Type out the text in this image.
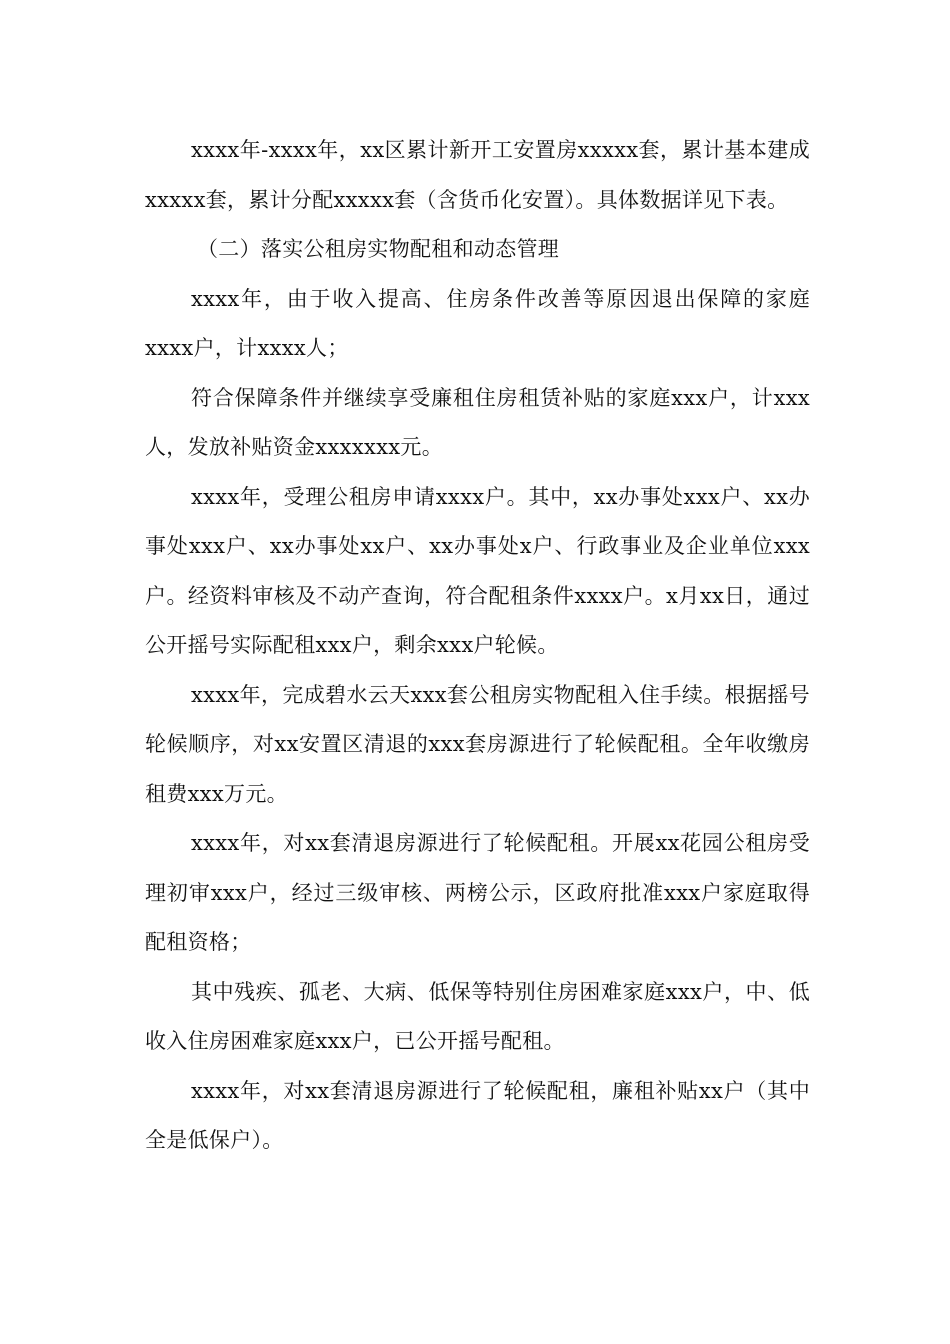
xxxx年-xxxx年，xx区累计新开工安置房xxxxx套，累计基本建成xxxxx套，累计分配xxxxx套（含货币化安置）。具体数据详见下表。

（二）落实公租房实物配租和动态管理

xxxx年，由于收入提高、住房条件改善等原因退出保障的家庭xxxx户，计xxxx人；

符合保障条件并继续享受廉租住房租赁补贴的家庭xxx户，计xxx人，发放补贴资金xxxxxxx元。

xxxx年，受理公租房申请xxxx户。其中，xx办事处xxx户、xx办事处xxx户、xx办事处xx户、xx办事处x户、行政事业及企业单位xxx户。经资料审核及不动产查询，符合配租条件xxxx户。x月xx日，通过公开摇号实际配租xxx户，剩余xxx户轮候。

xxxx年，完成碧水云天xxx套公租房实物配租入住手续。根据摇号轮候顺序，对xx安置区清退的xxx套房源进行了轮候配租。全年收缴房租费xxx万元。

xxxx年，对xx套清退房源进行了轮候配租。开展xx花园公租房受理初审xxx户，经过三级审核、两榜公示，区政府批准xxx户家庭取得配租资格；

其中残疾、孤老、大病、低保等特别住房困难家庭xxx户，中、低收入住房困难家庭xxx户，已公开摇号配租。

xxxx年，对xx套清退房源进行了轮候配租，廉租补贴xx户（其中全是低保户）。
